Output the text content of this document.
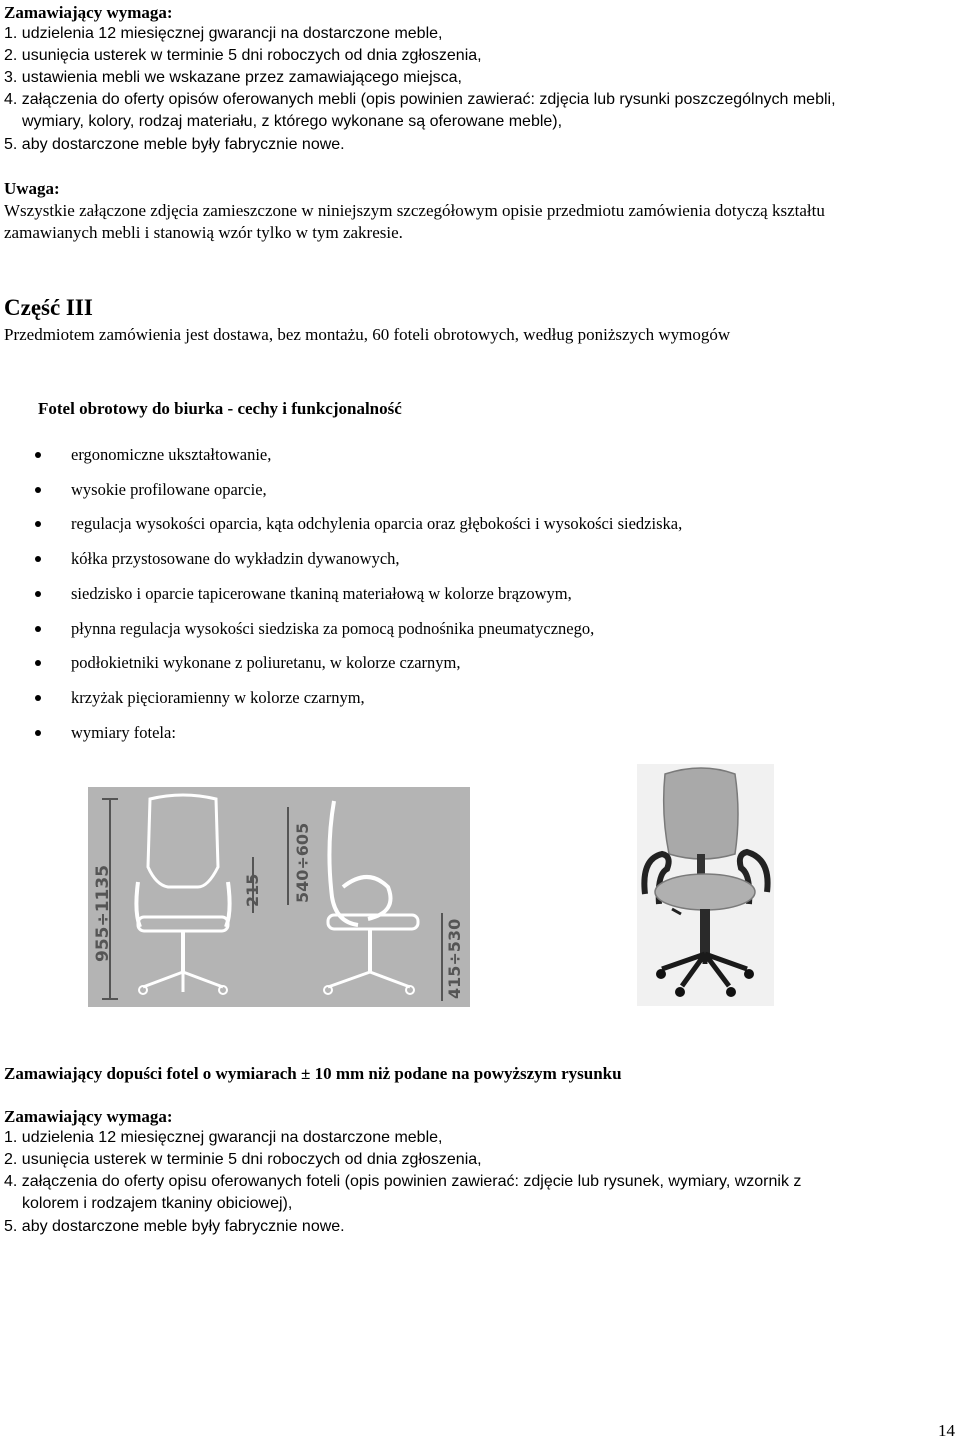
Zamawiający wymaga:
1. udzielenia 12 miesięcznej gwarancji na dostarczone meble,
2. usunięcia usterek w terminie 5 dni roboczych od dnia zgłoszenia,
3. ustawienia mebli we wskazane przez zamawiającego miejsca,
4. załączenia do oferty opisów oferowanych mebli (opis powinien zawierać: zdjęcia lub rysunki poszczególnych mebli,
wymiary, kolory, rodzaj materiału, z którego wykonane są oferowane meble),
5. aby dostarczone meble były fabrycznie nowe.
Uwaga:
Wszystkie załączone zdjęcia zamieszczone w niniejszym szczegółowym opisie przedmiotu zamówienia dotyczą kształtu
zamawianych mebli i stanowią wzór tylko w tym zakresie.
Część III
Przedmiotem zamówienia jest dostawa, bez montażu, 60 foteli obrotowych, według poniższych wymogów
Fotel obrotowy do biurka - cechy i funkcjonalność
ergonomiczne ukształtowanie,
wysokie profilowane oparcie,
regulacja wysokości oparcia, kąta odchylenia oparcia oraz głębokości i wysokości siedziska,
kółka przystosowane do wykładzin dywanowych,
siedzisko i oparcie tapicerowane tkaniną materiałową w kolorze brązowym,
płynna regulacja wysokości siedziska za pomocą podnośnika pneumatycznego,
podłokietniki wykonane z poliuretanu, w kolorze czarnym,
krzyżak pięcioramienny w kolorze czarnym,
wymiary fotela:
955÷1135	215 540÷605
415÷530
Zamawiający dopuści fotel o wymiarach ± 10 mm niż podane na powyższym rysunku
Zamawiający wymaga:
1. udzielenia 12 miesięcznej gwarancji na dostarczone meble,
2. usunięcia usterek w terminie 5 dni roboczych od dnia zgłoszenia,
4. załączenia do oferty opisu oferowanych foteli (opis powinien zawierać: zdjęcie lub rysunek, wymiary, wzornik z
kolorem i rodzajem tkaniny obiciowej),
5. aby dostarczone meble były fabrycznie nowe.
14
